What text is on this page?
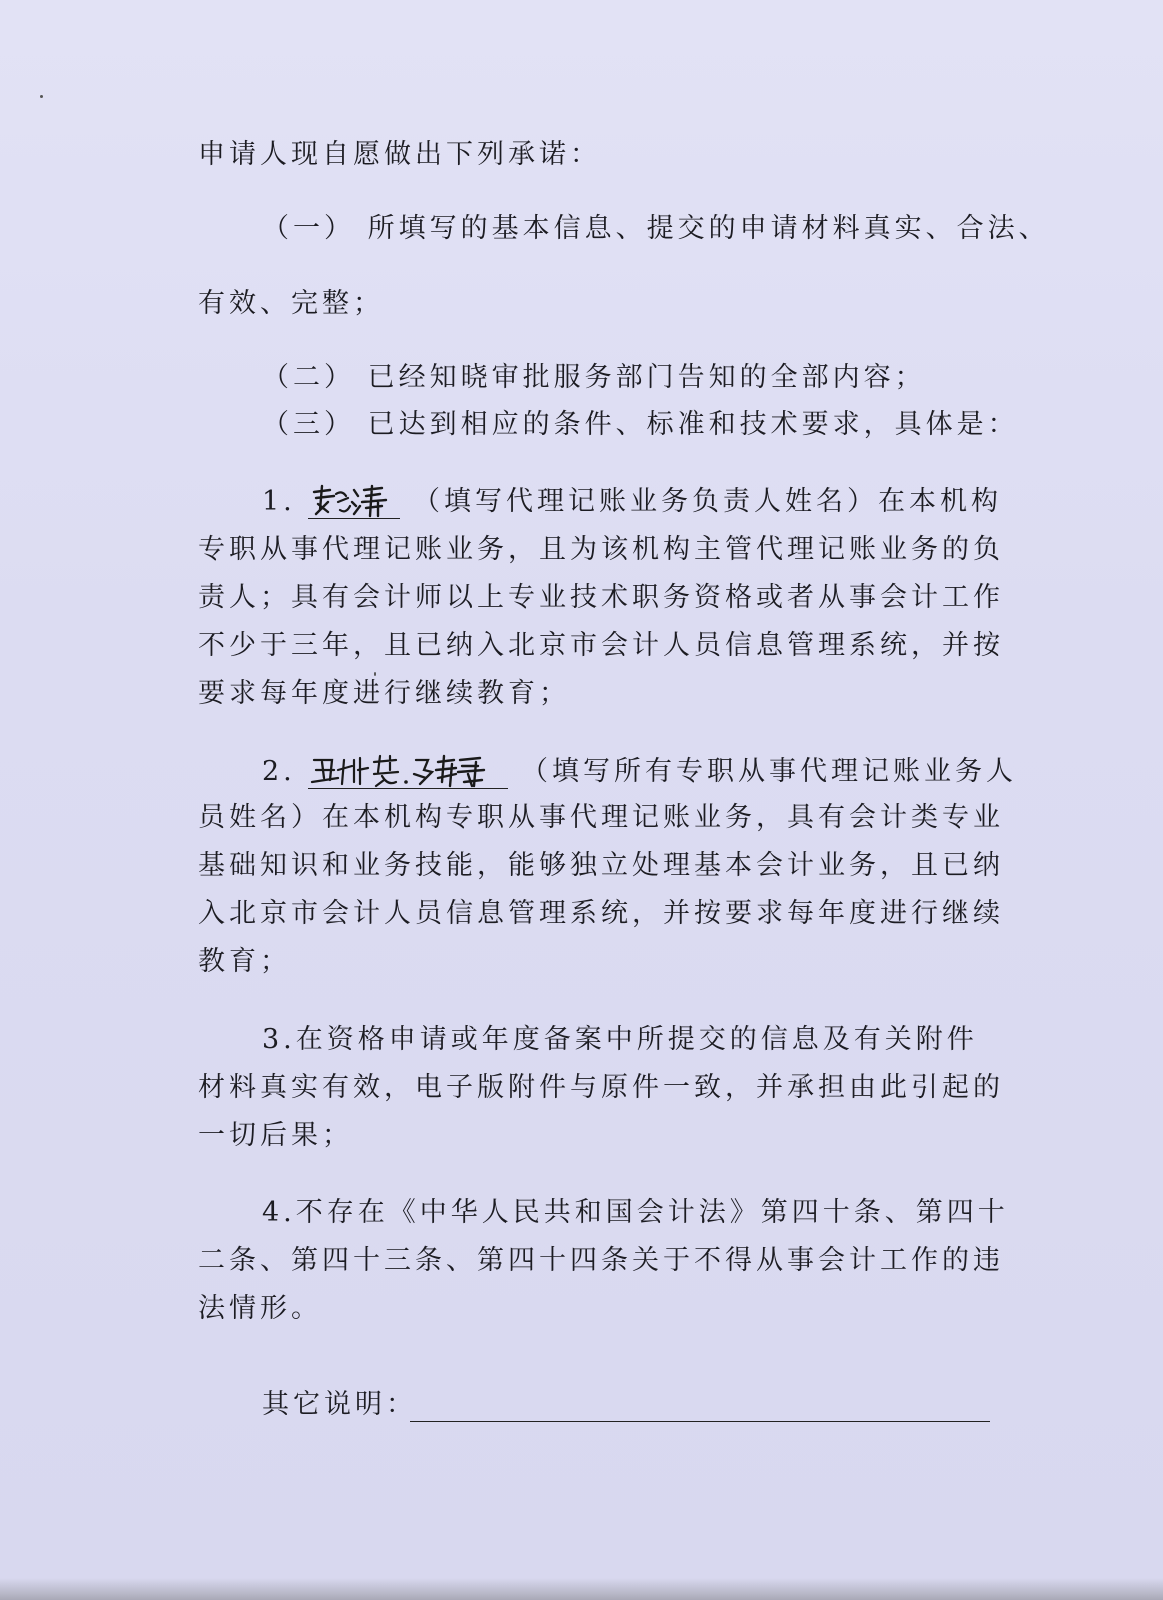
申请人现自愿做出下列承诺：
（一） 所填写的基本信息、提交的申请材料真实、合法、
有效、完整；
（二） 已经知晓审批服务部门告知的全部内容；
（三） 已达到相应的条件、标准和技术要求，具体是：
1.	（填写代理记账业务负责人姓名）在本机构
专职从事代理记账业务，且为该机构主管代理记账业务的负
责人；具有会计师以上专业技术职务资格或者从事会计工作
不少于三年，且已纳入北京市会计人员信息管理系统，并按
要求每年度进行继续教育；
2.	（填写所有专职从事代理记账业务人
员姓名）在本机构专职从事代理记账业务，具有会计类专业
基础知识和业务技能，能够独立处理基本会计业务，且已纳
入北京市会计人员信息管理系统，并按要求每年度进行继续
教育；
3.在资格申请或年度备案中所提交的信息及有关附件
材料真实有效，电子版附件与原件一致，并承担由此引起的
一切后果；
4.不存在《中华人民共和国会计法》第四十条、第四十
二条、第四十三条、第四十四条关于不得从事会计工作的违
法情形。
其它说明：
